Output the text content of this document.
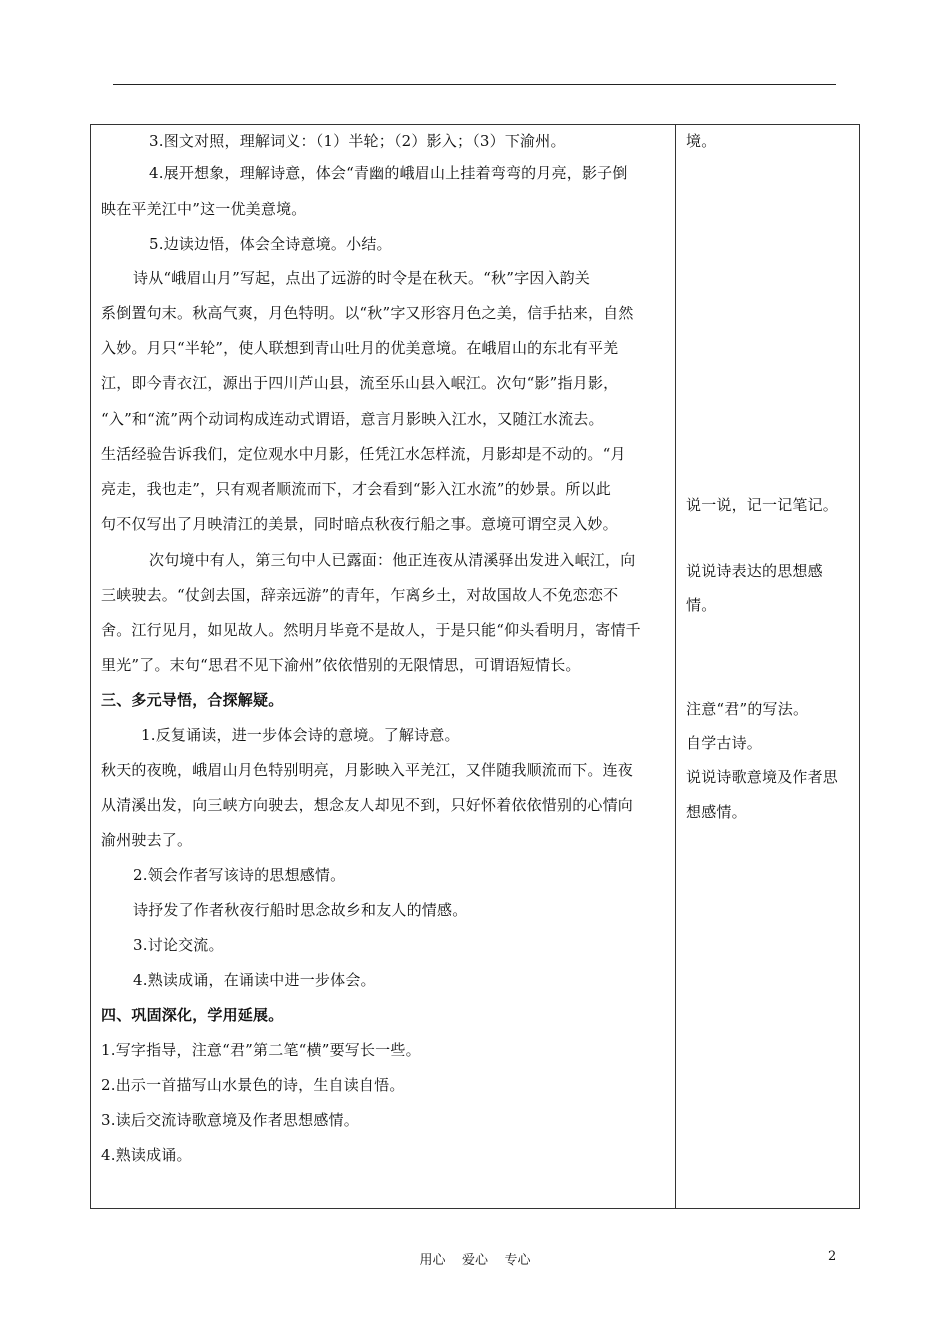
3.图文对照，理解词义：（1）半轮；（2）影入；（3）下渝州。
4.展开想象，理解诗意，体会“青幽的峨眉山上挂着弯弯的月亮，影子倒
映在平羌江中”这一优美意境。
5.边读边悟，体会全诗意境。小结。
诗从“峨眉山月”写起，点出了远游的时令是在秋天。“秋”字因入韵关
系倒置句末。秋高气爽，月色特明。以“秋”字又形容月色之美，信手拈来，自然
入妙。月只“半轮”，使人联想到青山吐月的优美意境。在峨眉山的东北有平羌
江，即今青衣江，源出于四川芦山县，流至乐山县入岷江。次句“影”指月影，
“入”和“流”两个动词构成连动式谓语，意言月影映入江水，又随江水流去。
生活经验告诉我们，定位观水中月影，任凭江水怎样流，月影却是不动的。“月
亮走，我也走”，只有观者顺流而下，才会看到“影入江水流”的妙景。所以此
句不仅写出了月映清江的美景，同时暗点秋夜行船之事。意境可谓空灵入妙。
次句境中有人，第三句中人已露面：他正连夜从清溪驿出发进入岷江，向
三峡驶去。“仗剑去国，辞亲远游”的青年，乍离乡土，对故国故人不免恋恋不
舍。江行见月，如见故人。然明月毕竟不是故人，于是只能“仰头看明月，寄情千
里光”了。末句“思君不见下渝州”依依惜别的无限情思，可谓语短情长。
三、多元导悟，合探解疑。
1.反复诵读，进一步体会诗的意境。了解诗意。
秋天的夜晚，峨眉山月色特别明亮，月影映入平羌江，又伴随我顺流而下。连夜
从清溪出发，向三峡方向驶去，想念友人却见不到，只好怀着依依惜别的心情向
渝州驶去了。
2.领会作者写该诗的思想感情。
诗抒发了作者秋夜行船时思念故乡和友人的情感。
3.讨论交流。
4.熟读成诵，在诵读中进一步体会。
四、巩固深化，学用延展。
1.写字指导，注意“君”第二笔“横”要写长一些。
2.出示一首描写山水景色的诗，生自读自悟。
3.读后交流诗歌意境及作者思想感情。
4.熟读成诵。
境。
说一说，记一记笔记。
说说诗表达的思想感
情。
注意“君”的写法。
自学古诗。
说说诗歌意境及作者思
想感情。
用心    爱心    专心	2
